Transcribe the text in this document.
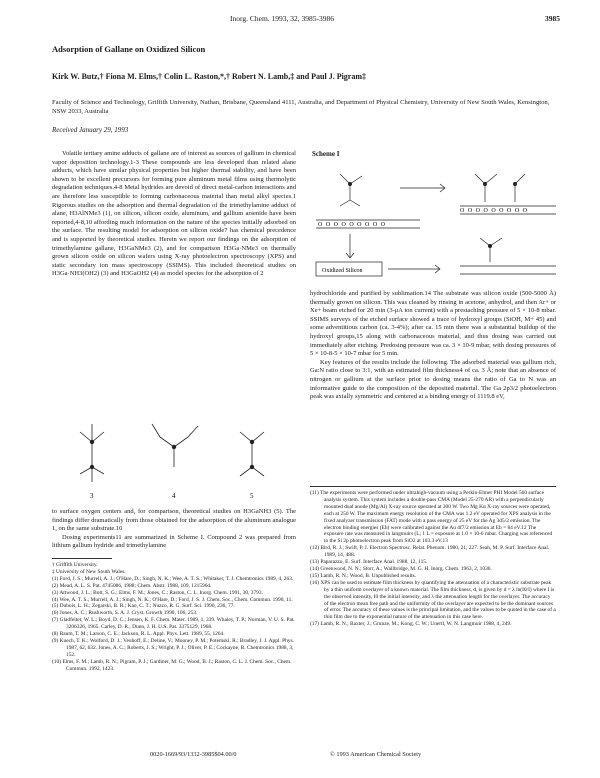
Inorg. Chem. 1993, 32, 3985-3986	3985
Adsorption of Gallane on Oxidized Silicon
Kirk W. Butz,† Fiona M. Elms,† Colin L. Raston,*,† Robert N. Lamb,‡ and Paul J. Pigram‡
Faculty of Science and Technology, Griffith University, Nathan, Brisbane, Queensland 4111, Australia, and Department of Physical Chemistry, University of New South Wales, Kensington, NSW 2033, Australia
Received January 29, 1993

Volatile tertiary amine adducts of gallane are of interest as sources of gallium in chemical vapor deposition technology.1-3 These compounds are less developed than related alane adducts, which have similar physical properties but higher thermal stability, and have been shown to be excellent precursors for forming pure aluminum metal films using thermolytic degradation techniques.4-8 Metal hydrides are devoid of direct metal-carbon interactions and are therefore less susceptible to forming carbonaceous material than metal alkyl species.1 Rigorous studies on the adsorption and thermal degradation of the trimethylamine adduct of alane, H3AlNMe3 (1), on silicon, silicon oxide, aluminum, and gallium arsenide have been reported,4-8,10 affording much information on the nature of the species initially adsorbed on the surface. The resulting model for adsorption on silicon oxide7 has chemical precedence and is supported by theoretical studies. Herein we report our findings on the adsorption of trimethylamine gallane, H3GaNMe3 (2), and for comparison H3Ga·NMe3 on thermally grown silicon oxide on silicon wafers using X-ray photoelectron spectroscopy (XPS) and static secondary ion mass spectroscopy (SSIMS). This included theoretical studies on H3Ga·NH3(OH2) (3) and H3GaOH2 (4) as model species for the adsorption of 2

3	4	5

to surface oxygen centers and, for comparison, theoretical studies on H3GaNH3 (5). The findings differ dramatically from those obtained for the adsorption of the aluminum analogue 1, on the same substrate.10

Dosing experiments11 are summarized in Scheme I. Compound 2 was prepared from lithium gallium hydride and trimethylamine

† Griffith University.
‡ University of New South Wales.
(1) Ford, J. S.; Murrell, A. J.; O'Hare, D.; Singh, N. K.; Wee, A. T. S.; Whitaker, T. J. Chemtronics 1989, 4, 263.
(2) Mead, A. L. S. Pat. 4745086, 1988; Chem. Abstr. 1988, 109, 121596d.
(3) Attwood, J. L.; Bott, S. G.; Elms, F. M.; Jones, C.; Raston, C. L. Inorg. Chem. 1991, 30, 3793.
(4) Wee, A. T. S.; Murrell, A. J.; Singh, N. K.; O'Hare, D.; Ford, J. S. J. Chem. Soc., Chem. Commun. 1990, 11.
(5) Dubois, L. H.; Zegarski, B. R.; Kao, C. T.; Nuzzo, R. G. Surf. Sci. 1990, 236, 77.
(6) Jones, A. C.; Rushworth, S. A. J. Cryst. Growth 1990, 106, 253.
(7) Gladfelter, W. L.; Boyd, D. C.; Jensen, K. F. Chem. Mater. 1989, 1, 339. Whaley, T. P.; Norman, V. U. S. Pat. 3206326, 1965. Carley, D. R.; Dunn, J. H. U.S. Pat. 3375129, 1968.
(8) Baum, T. M.; Larson, C. E.; Jackson, R. L. Appl. Phys. Lett. 1989, 55, 1264.
(9) Kuech, T. K.; Wolford, D. J.; Veuhoff, E.; Deline, V.; Mooney, P. M.; Potemski, R.; Bradley, J. J. Appl. Phys. 1987, 62, 632. Jones, A. C.; Roberts, J. S.; Wright, P. J.; Oliver, P. E.; Cockayne, B. Chemtronics 1988, 3, 152.
(10) Elms, F. M.; Lamb, R. N.; Pigram, P. J.; Gardiner, M. G.; Wood, B. J.; Raston, C. L. J. Chem. Soc., Chem. Commun. 1992, 1423.
Scheme I
O O O O O O O O O
O O O O O O O O O
Oxidized Silicon

hydrochloride and purified by sublimation.14 The substrate was silicon oxide (500-5000 Å) thermally grown on silicon. This was cleaned by rinsing in acetone, anhydrol, and then Ar+ or Xe+ beam etched for 20 min (3-μA ion current) with a prestaching pressure of 5 × 10-8 mbar. SSIMS surveys of the etched surface showed a trace of hydroxyl groups (SiOH, M+ 45) and some adventitious carbon (ca. 3-4%); after ca. 15 min there was a substantial buildup of the hydroxyl groups,15 along with carbonaceous material, and thus dosing was carried out immediately after etching. Predosing pressure was ca. 3 × 10-9 mbar, with dosing pressures of 5 × 10-8-5 × 10-7 mbar for 5 min.

Key features of the results include the following. The adsorbed material was gallium rich, Ga:N ratio close to 3:1, with an estimated film thickness4 of ca. 3 Å; note that an absence of nitrogen or gallium at the surface prior to dosing means the ratio of Ga to N was an informative guide to the composition of the deposited material. The Ga 2p3/2 photoelectron peak was axially symmetric and centered at a binding energy of 1119.8 eV,

(11) The experiments were performed under ultrahigh-vacuum using a Perkin-Elmer PHI Model 560 surface analysis system. This system includes a double-pass CMA (Model 25-270 AR) with a perpendicularly mounted dual anode (Mg/Al) X-ray source operated at 300 W. Two Mg Kα X-ray sources were operated, each at 250 W. The maximum energy resolution of the CMA was 1.2 eV operated for XPS analysis in the fixed analyzer transmission (FAT) mode with a pass energy of 25 eV for the Ag 3d5/2 emission. The electron binding energies (Eb) were calibrated against the Au 4f7/2 emission at Eb = 84 eV.12 The exposure rate was measured in langmuirs (L; 1 L = exposure at 1.0 × 10-6 mbar. Charging was referenced to the Si 2p photoelectron peak from SiO2 at 103.3 eV.13
(12) Bird, R. J.; Swift, P. J. Electron Spectrosc. Relat. Phenom. 1980, 21, 227. Seah, M. P. Surf. Interface Anal. 1989, 14, 488.
(13) Paparazzo, E. Surf. Interface Anal. 1988, 12, 115.
(14) Greenwood, N. N.; Storr, A.; Wallbridge, M. G. H. Inorg. Chem. 1963, 2, 1036.
(15) Lamb, R. N.; Wood, B. Unpublished results.
(16) XPS can be used to estimate film thickness by quantifying the attenuation of a characteristic substrate peak by a thin uniform overlayer of a known material. The film thickness, d, is given by d = λ ln(I0/I) where I is the observed intensity, I0 the initial intensity, and λ the attenuation length for the overlayer. The accuracy of the electron mean free path and the uniformity of the overlayer are expected to be the dominant sources of error. The accuracy of these values is the principal limitation, and the values to be quoted in the case of a thin film due to the exponential nature of the attenuation in this case here.
(17) Lamb, R. N.; Baxter, J.; Grunze, M.; Kong, C. W.; Unertl, W. N. Langmuir 1988, 4, 249.
0020-1669/93/1332-3985$04.00/0	© 1993 American Chemical Society
